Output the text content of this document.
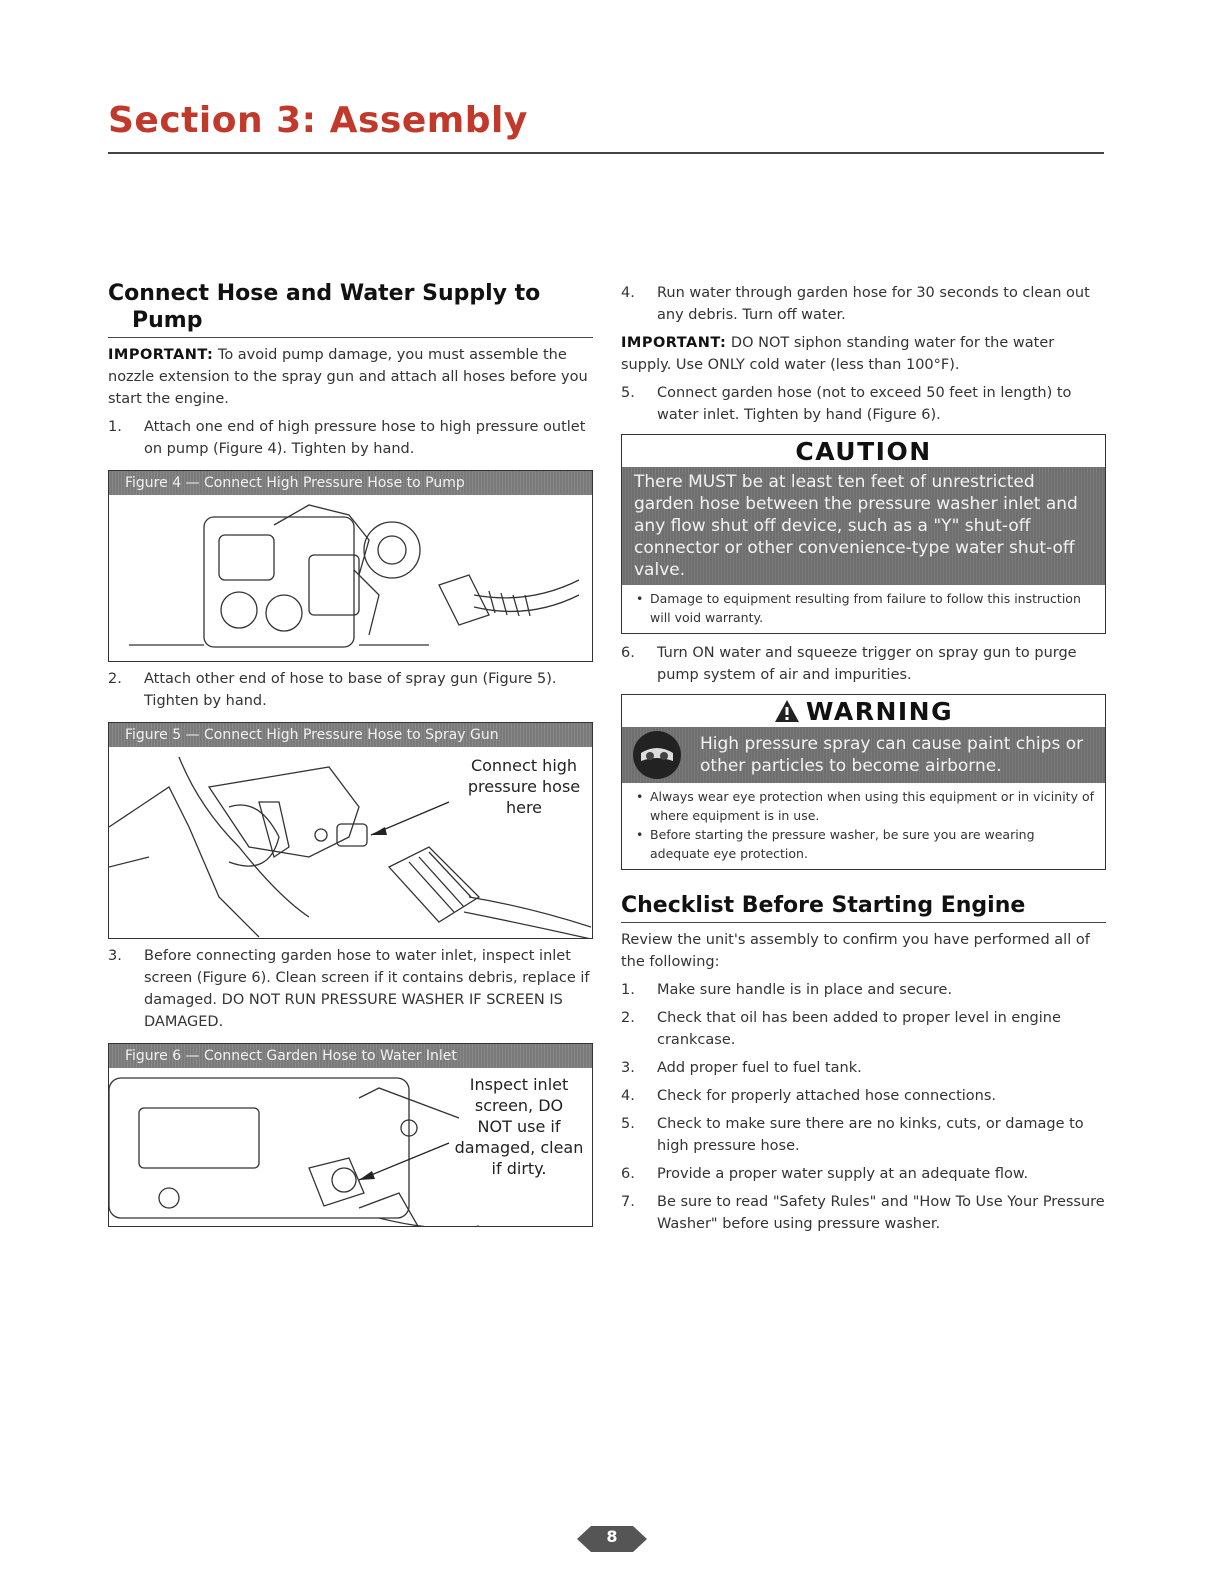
Section 3: Assembly
Connect Hose and Water Supply to
Pump

IMPORTANT: To avoid pump damage, you must assemble the nozzle extension to the spray gun and attach all hoses before you start the engine.

1. Attach one end of high pressure hose to high pressure outlet on pump (Figure 4). Tighten by hand.
Figure 4 — Connect High Pressure Hose to Pump
2. Attach other end of hose to base of spray gun (Figure 5). Tighten by hand.
Figure 5 — Connect High Pressure Hose to Spray Gun
Connect high
pressure hose
here
3. Before connecting garden hose to water inlet, inspect inlet screen (Figure 6). Clean screen if it contains debris, replace if damaged. DO NOT RUN PRESSURE WASHER IF SCREEN IS DAMAGED.
Figure 6 — Connect Garden Hose to Water Inlet
Inspect inlet
screen, DO
NOT use if
damaged, clean
if dirty.
4. Run water through garden hose for 30 seconds to clean out any debris. Turn off water.

IMPORTANT: DO NOT siphon standing water for the water supply. Use ONLY cold water (less than 100°F).

5. Connect garden hose (not to exceed 50 feet in length) to water inlet. Tighten by hand (Figure 6).
CAUTION
There MUST be at least ten feet of unrestricted garden hose between the pressure washer inlet and any flow shut off device, such as a "Y" shut-off connector or other convenience-type water shut-off valve.
• Damage to equipment resulting from failure to follow this instruction will void warranty.
6. Turn ON water and squeeze trigger on spray gun to purge pump system of air and impurities.
WARNING
High pressure spray can cause paint chips or other particles to become airborne.
• Always wear eye protection when using this equipment or in vicinity of where equipment is in use.
• Before starting the pressure washer, be sure you are wearing adequate eye protection.
Checklist Before Starting Engine

Review the unit's assembly to confirm you have performed all of the following:

1. Make sure handle is in place and secure.
2. Check that oil has been added to proper level in engine crankcase.
3. Add proper fuel to fuel tank.
4. Check for properly attached hose connections.
5. Check to make sure there are no kinks, cuts, or damage to high pressure hose.
6. Provide a proper water supply at an adequate flow.
7. Be sure to read "Safety Rules" and "How To Use Your Pressure Washer" before using pressure washer.
8
